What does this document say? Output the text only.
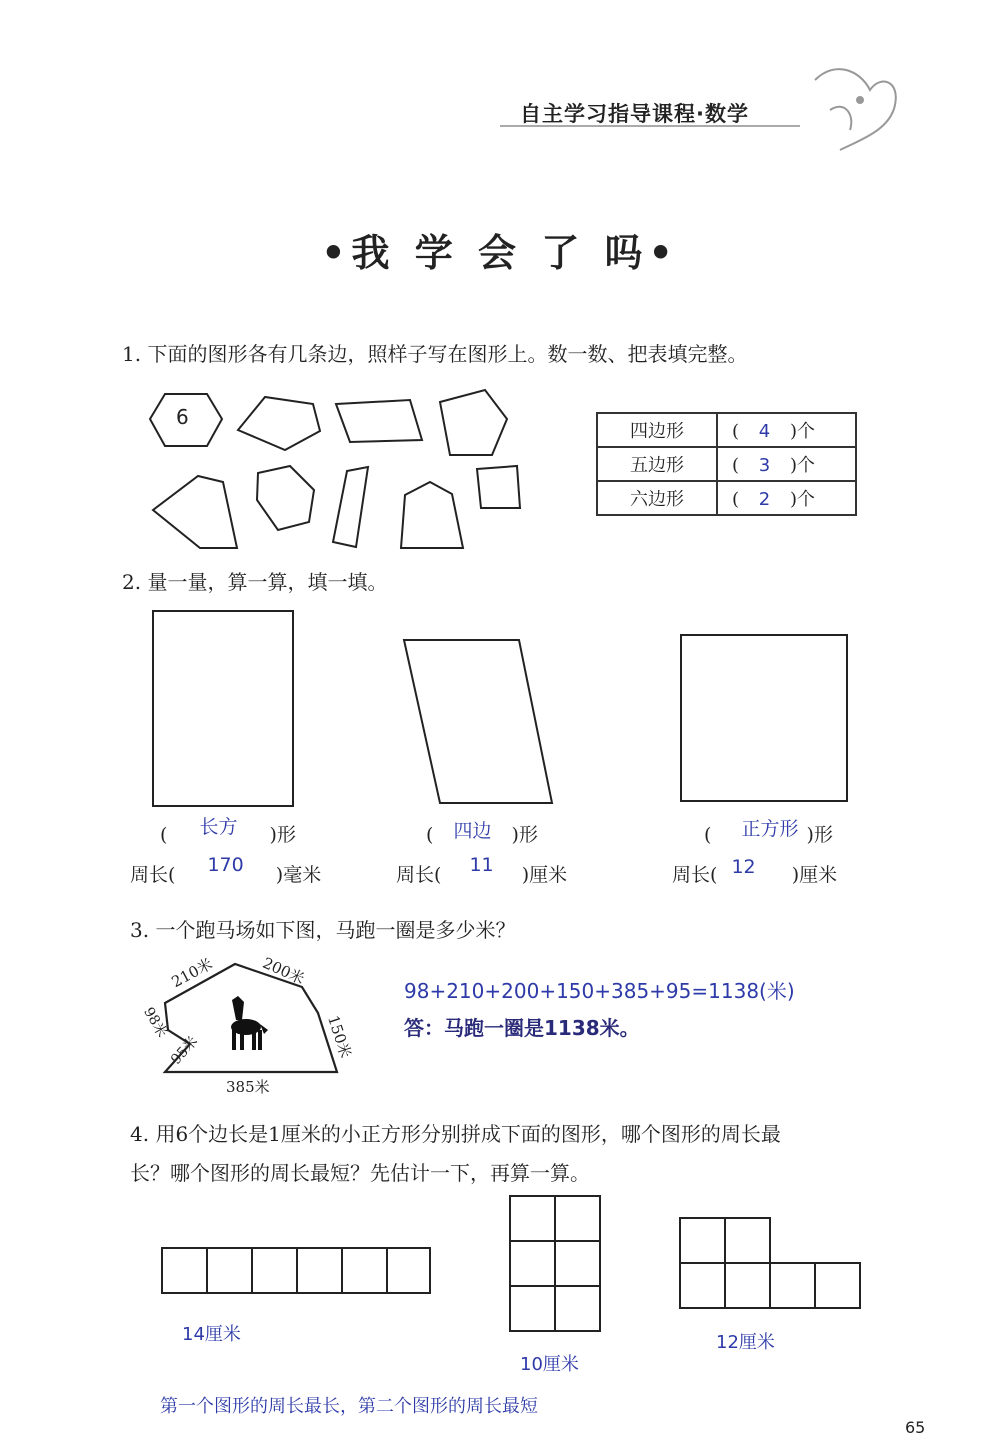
自主学习指导课程·数学
•我 学 会 了 吗•
1. 下面的图形各有几条边，照样子写在图形上。数一数、把表填完整。
6
四边形	( 4 )个
五边形	( 3 )个
六边形	( 2 )个
2. 量一量，算一算，填一填。
( 长方 )形
周长( 170 )毫米
( 四边 )形
周长( 11 )厘米
( 正方形 )形
周长( 12 )厘米
3. 一个跑马场如下图，马跑一圈是多少米？
210米	200米
150米
385米
95米
98米
98+210+200+150+385+95=1138(米)
答：马跑一圈是1138米。
4. 用6个边长是1厘米的小正方形分别拼成下面的图形，哪个图形的周长最
长？哪个图形的周长最短？先估计一下，再算一算。
14厘米
10厘米
12厘米
第一个图形的周长最长，第二个图形的周长最短
65
